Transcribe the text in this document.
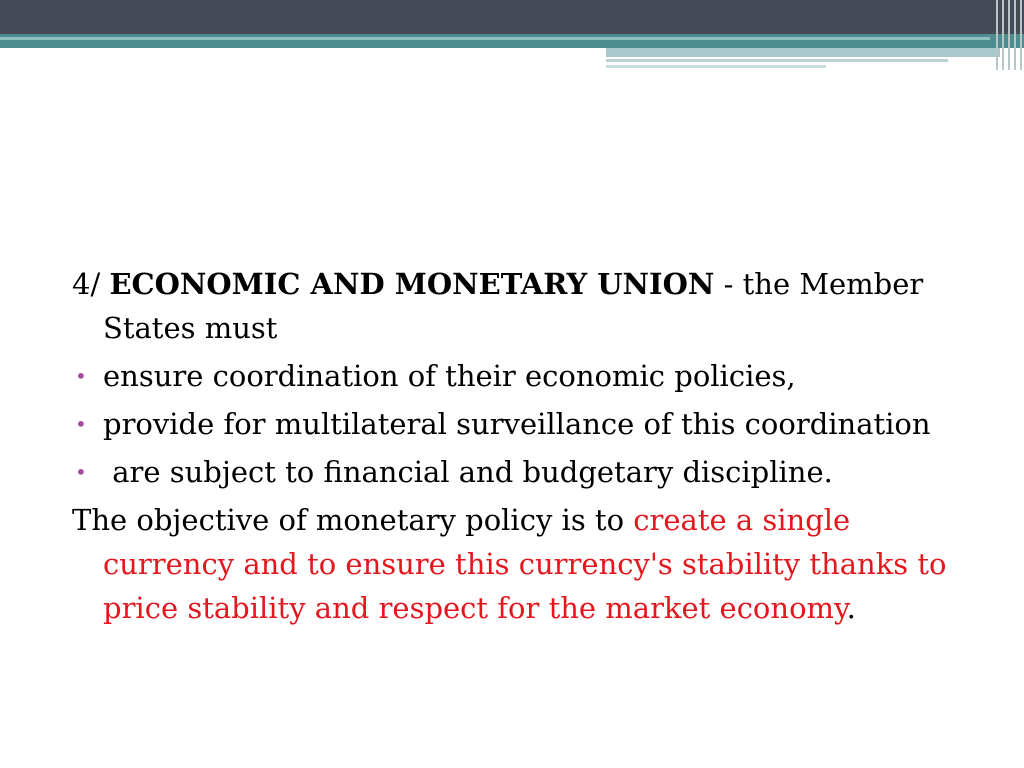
4/ ECONOMIC AND MONETARY UNION - the Member States must

• ensure coordination of their economic policies,
• provide for multilateral surveillance of this coordination
• are subject to financial and budgetary discipline.

The objective of monetary policy is to create a single currency and to ensure this currency's stability thanks to price stability and respect for the market economy.
